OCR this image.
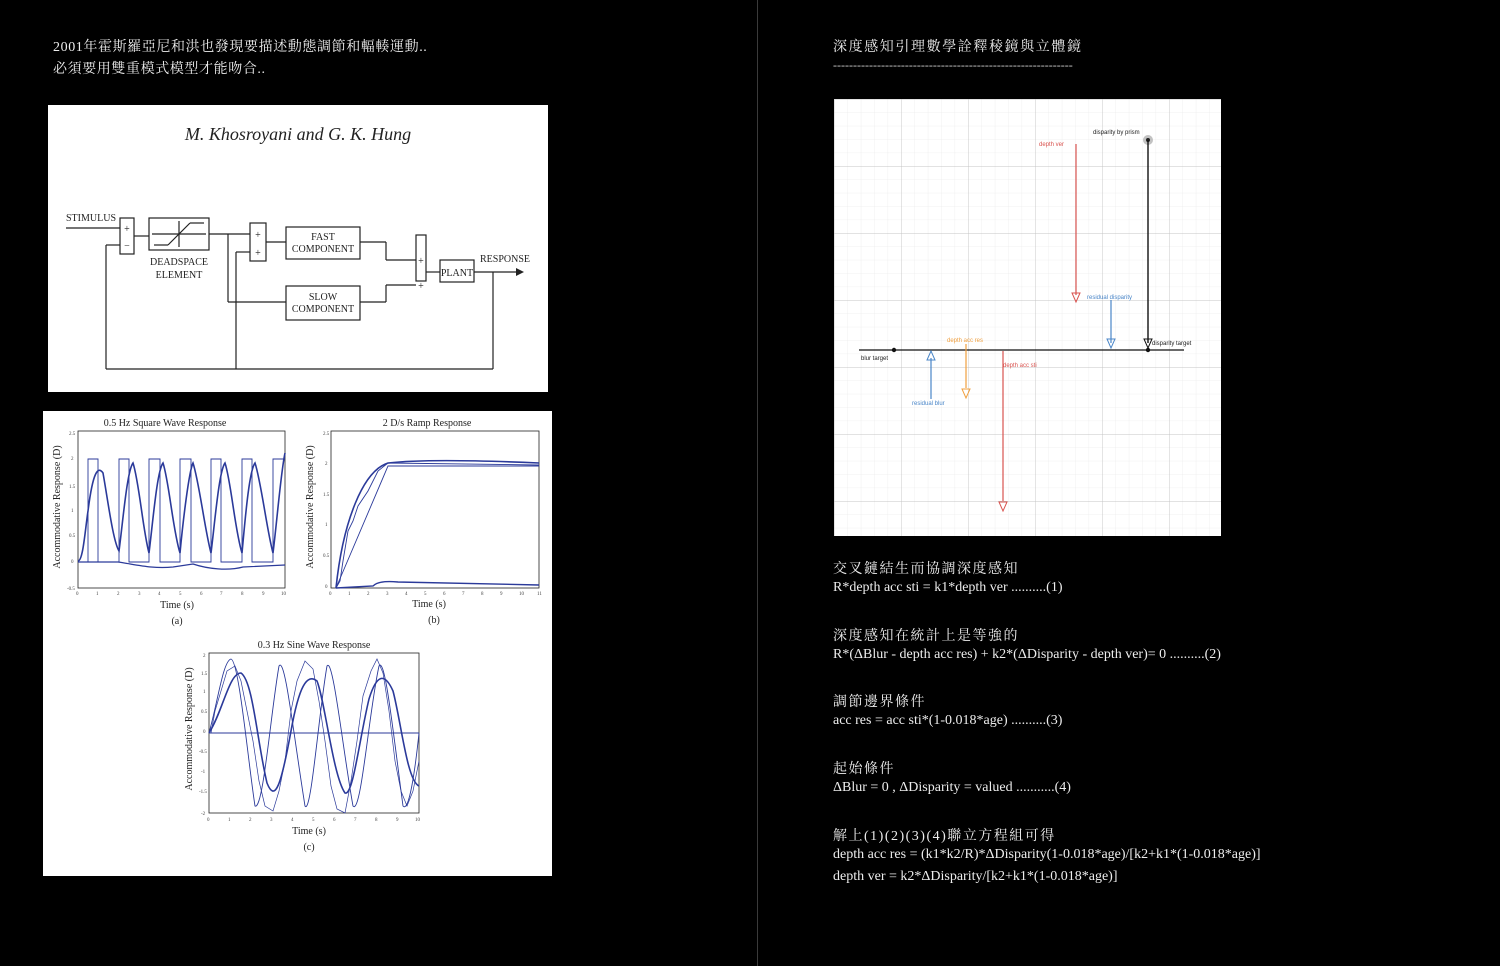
2001年霍斯羅亞尼和洪也發現要描述動態調節和輻輳運動..
必須要用雙重模式模型才能吻合..
M. Khosroyani and G. K. Hung
STIMULUS
+
−
DEADSPACE
ELEMENT
+
+
FAST
COMPONENT
SLOW
COMPONENT
+
+
PLANT
RESPONSE
0.5 Hz Square Wave Response	2 D/s Ramp Response
0.3 Hz Sine Wave Response
Accommodative Response (D)	Accommodative Response (D)
Accommodative Response (D)
Time (s)	Time (s)
Time (s)
(a)	(b)
(c)
2.5
2
1.5
1
0.5
0
-0.5
2.5
2
1.5
1
0.5
0
2
1.5
1
0.5
0
-0.5
-1
-1.5
-2
0	1	2	3	4	5	6	7	8	9	10	0	1	2	3	4	5	6	7	8	9	10	11
0	1	2	3	4	5	6	7	8	9	10
深度感知引理數學詮釋稜鏡與立體鏡
------------------------------------------------------------
disparity by prism
depth ver
residual disparity
blur target
depth acc res
depth acc sti
disparity target
residual blur
交叉鏈結生而協調深度感知
R*depth acc sti = k1*depth ver ..........(1)
深度感知在統計上是等強的
R*(ΔBlur - depth acc res) + k2*(ΔDisparity - depth ver)= 0 ..........(2)
調節邊界條件
acc res = acc sti*(1-0.018*age) ..........(3)
起始條件
ΔBlur = 0 , ΔDisparity = valued ...........(4)
解上(1)(2)(3)(4)聯立方程組可得
depth acc res = (k1*k2/R)*ΔDisparity(1-0.018*age)/[k2+k1*(1-0.018*age)]
depth ver = k2*ΔDisparity/[k2+k1*(1-0.018*age)]
